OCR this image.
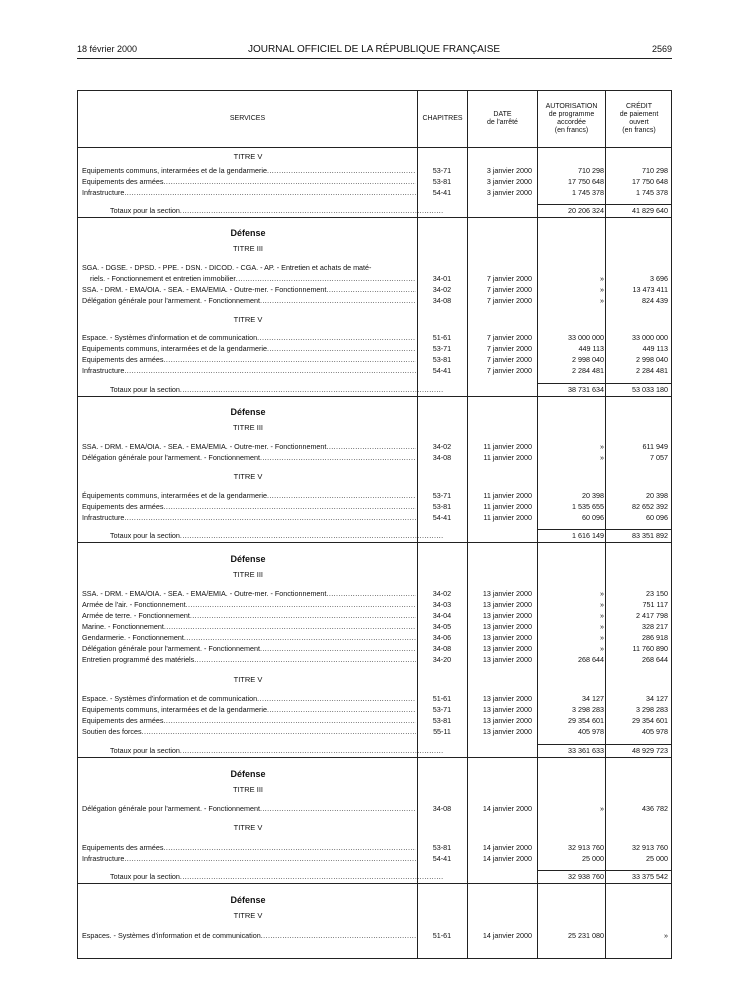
18 février 2000	JOURNAL OFFICIEL DE LA RÉPUBLIQUE FRANÇAISE	2569
SERVICES	CHAPITRES
DATE
de l'arrêté
AUTORISATION
de programme
accordée
(en francs)
CRÉDIT
de paiement
ouvert
(en francs)
TITRE V
Equipements communs, interarmées et de la gendarmerie .....	53-71	3 janvier 2000	710 298	710 298
Equipements des armées .....	53-81	3 janvier 2000	17 750 648	17 750 648
Infrastructure .....	54-41	3 janvier 2000	1 745 378	1 745 378
Totaux pour la section .....	20 206 324	41 829 640
Défense
TITRE III
SGA. - DGSE. - DPSD. - PPE. - DSN. - DICOD. - CGA. - AP. - Entretien et achats de maté-
riels. - Fonctionnement et entretien immobilier .....	34-01	7 janvier 2000	»	3 696
SSA. - DRM. - EMA/OIA. - SEA. - EMA/EMIA. - Outre-mer. - Fonctionnement .....	34-02	7 janvier 2000	»	13 473 411
Délégation générale pour l'armement. - Fonctionnement .....	34-08	7 janvier 2000	»	824 439
TITRE V
Espace. - Systèmes d'information et de communication .....	51-61	7 janvier 2000	33 000 000	33 000 000
Equipements communs, interarmées et de la gendarmerie .....	53-71	7 janvier 2000	449 113	449 113
Equipements des armées .....	53-81	7 janvier 2000	2 998 040	2 998 040
Infrastructure .....	54-41	7 janvier 2000	2 284 481	2 284 481
Totaux pour la section .....	38 731 634	53 033 180
Défense
TITRE III
SSA. - DRM. - EMA/OIA. - SEA. - EMA/EMIA. - Outre-mer. - Fonctionnement .....	34-02	11 janvier 2000	»	611 949
Délégation générale pour l'armement. - Fonctionnement .....	34-08	11 janvier 2000	»	7 057
TITRE V
Équipements communs, interarmées et de la gendarmerie .....	53-71	11 janvier 2000	20 398	20 398
Equipements des armées .....	53-81	11 janvier 2000	1 535 655	82 652 392
Infrastructure .....	54-41	11 janvier 2000	60 096	60 096
Totaux pour la section .....	1 616 149	83 351 892
Défense
TITRE III
SSA. - DRM. - EMA/OIA. - SEA. - EMA/EMIA. - Outre-mer. - Fonctionnement .....	34-02	13 janvier 2000	»	23 150
Armée de l'air. - Fonctionnement .....	34-03	13 janvier 2000	»	751 117
Armée de terre. - Fonctionnement .....	34-04	13 janvier 2000	»	2 417 798
Marine. - Fonctionnement .....	34-05	13 janvier 2000	»	328 217
Gendarmerie. - Fonctionnement .....	34-06	13 janvier 2000	»	286 918
Délégation générale pour l'armement. - Fonctionnement .....	34-08	13 janvier 2000	»	11 760 890
Entretien programmé des matériels .....	34-20	13 janvier 2000	268 644	268 644
TITRE V
Espace. - Systèmes d'information et de communication .....	51-61	13 janvier 2000	34 127	34 127
Equipements communs, interarmées et de la gendarmerie .....	53-71	13 janvier 2000	3 298 283	3 298 283
Equipements des armées .....	53-81	13 janvier 2000	29 354 601	29 354 601
Soutien des forces .....	55-11	13 janvier 2000	405 978	405 978
Totaux pour la section .....	33 361 633	48 929 723
Défense
TITRE III
Délégation générale pour l'armement. - Fonctionnement .....	34-08	14 janvier 2000	»	436 782
TITRE V
Equipements des armées .....	53-81	14 janvier 2000	32 913 760	32 913 760
Infrastructure .....	54-41	14 janvier 2000	25 000	25 000
Totaux pour la section .....	32 938 760	33 375 542
Défense
TITRE V
Espaces. - Systèmes d'information et de communication .....	51-61	14 janvier 2000	25 231 080	»
